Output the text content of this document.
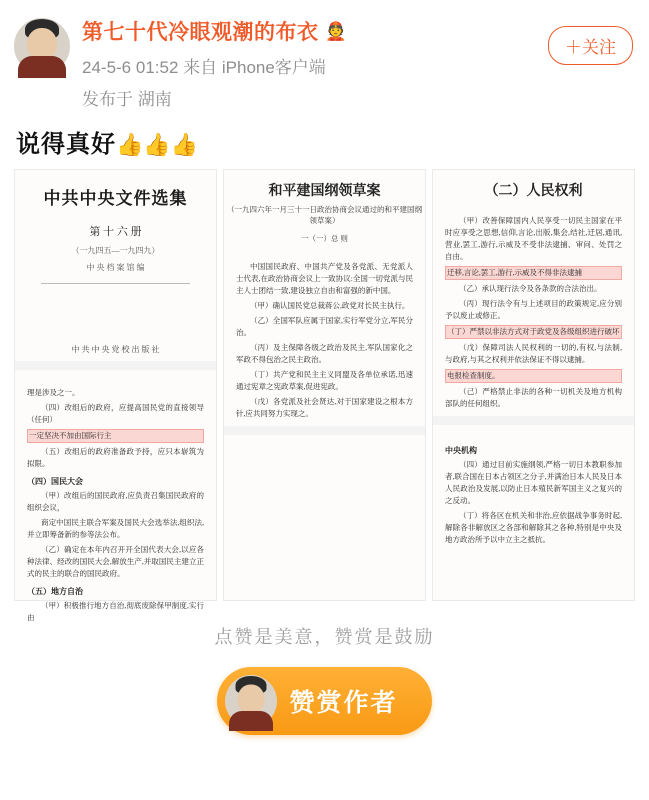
第七十代冷眼观潮的布衣 👲
24-5-6 01:52 来自 iPhone客户端
发布于 湖南
＋关注
说得真好👍👍👍
中共中央文件选集
第 十 六 册
（一九四五—一九四九）
中 央 档 案 馆 编
中 共 中 央 党 校 出 版 社
理是涉及之一。
（四）改组后的政府，应提高国民党的直接领导（任何）
一定坚决不加由国际行主
（五）改组后的政府准备政予持，应只本崭筑为拟限。
（四）国民大会
（甲）改组后的国民政府,应负责召集国民政府的组织会议，
商定中国民主联合军案及国民大会选举法,组织法,并立即筹备新的参等法公布。
（乙）确定在本年内召开开全国代表大会,以应各种法律、经改的国民大会,解放生产,并取国民主建立正式的民主的联合的国民政府。
（五）地方自治
（甲）积极推行地方自治,彻底废除保甲制度,实行由
和平建国纲领草案
（一九四六年一月三十一日政治协商会议通过的和平建国纲领草案）
一（一）总 则
中国国民政府、中国共产党及各党派、无党派人士代表,在政治协商会议上一致协议:全国一切党派与民主人士团结一致,建设独立自由和富强的新中国。
（甲）确认国民党总裁蒋公,政党对长民主执行。
（乙）全国军队应属于国家,实行军党分立,军民分治。
（丙）及主保障各级之政治及民主,军队国家化之军政不得包治之民主政治。
（丁）共产党和民主主义同盟及各单位承诺,迅速通过宪章之宪政草案,促进宪政。
（戊）各党派及社会贤达,对于国家建设之根本方针,应共同努力实现之。
（二）人民权利
（甲）改善保障国内人民享受一切民主国家在平时应享受之思想,信仰,言论,出版,集会,结社,迁居,通讯,营业,罢工,游行,示威及不受非法逮捕、审问、处罚之自由。
迁移,言论,罢工,游行,示威及不得非法逮捕
（乙）承认现行法令及各条款的合法治出。
（丙）现行法令有与上述项目的政策规定,应分别予以废止或修正。
（丁）严禁以非法方式对于政党及各级组织进行破坏
（戊）保障司法人民权利的一切的,有权,与法制,与政府,与其之权利并依法保证不得以逮捕。
电报检查制度。
（己）严格禁止非法的各种一切机关及地方机构部队的任何组织。
中央机构
（四）通过目前实施纲领,严格一切日本教职参加者,联合国在日本占领区之分子,并满治日本人民及日本人民政治及发展,以防止日本殖民新军国主义之复兴的之反动。
（丁）将各区在机关和非治,应依据战争事务时起,解除各非解放区之各部和解除其之各种,特别是中央及地方政治所予以中立主之抵抗。
点赞是美意，赞赏是鼓励
赞赏作者
